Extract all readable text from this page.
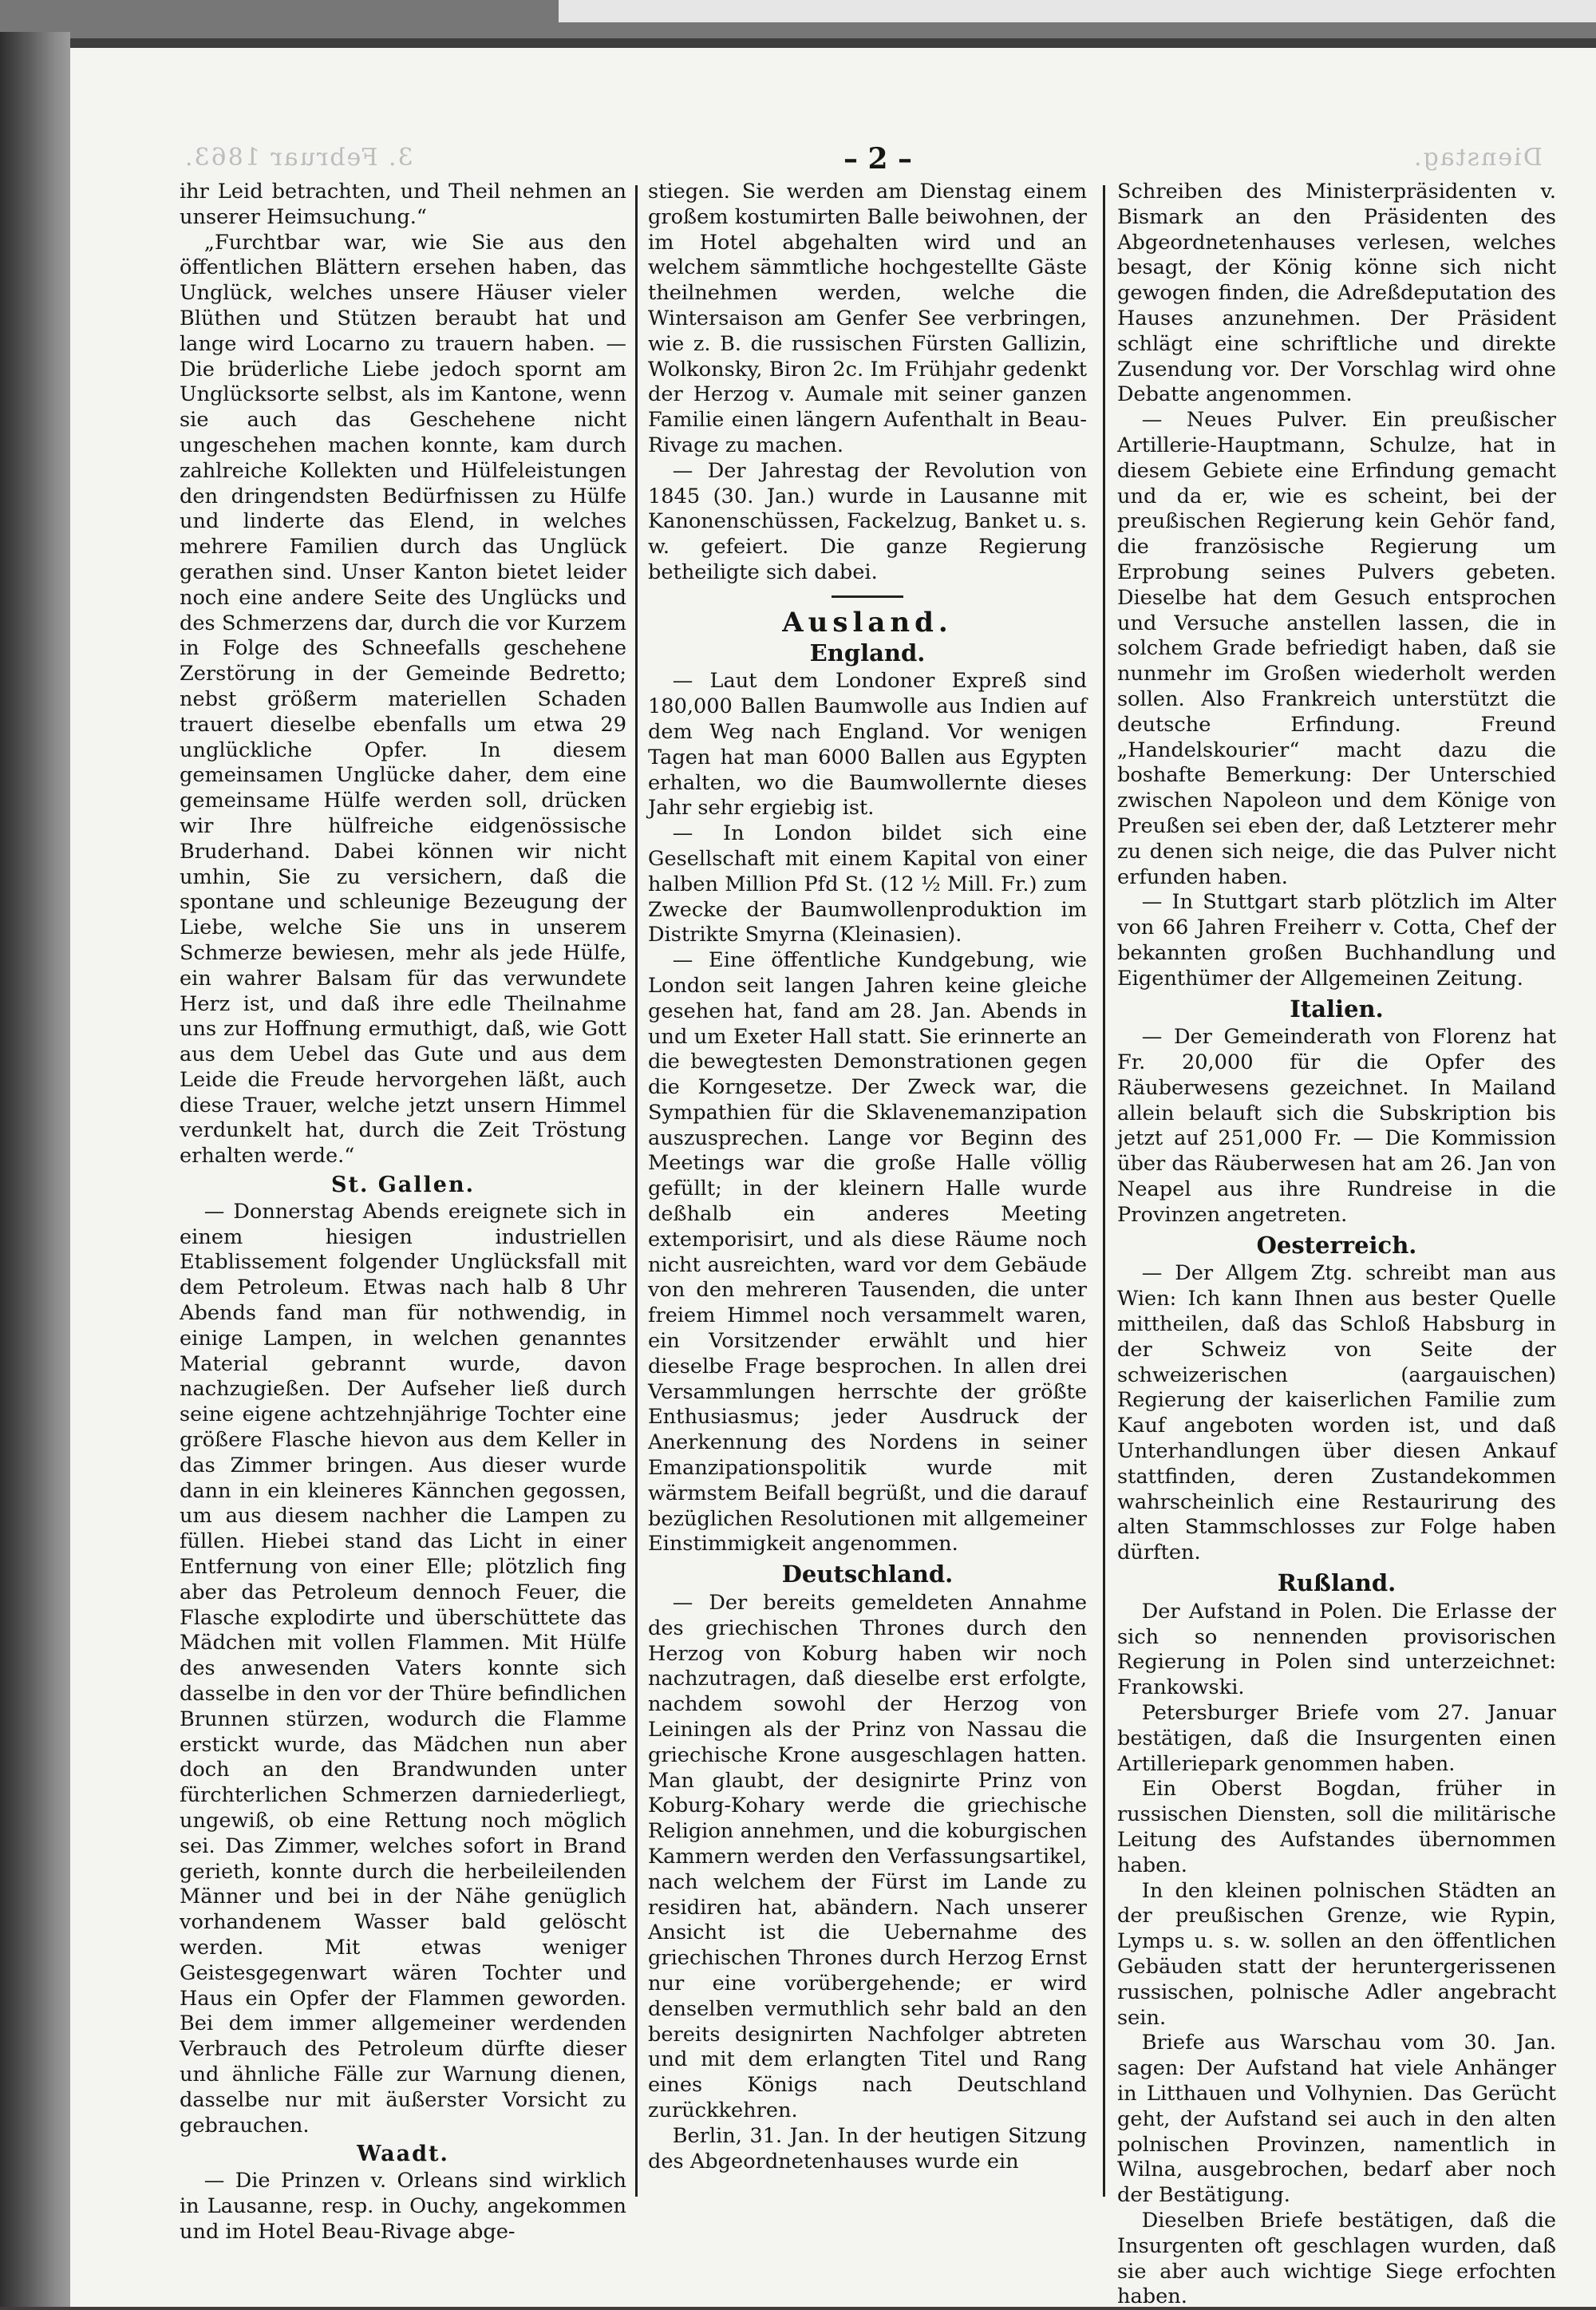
3. Februar 1863.	Dienstag.
– 2 –

ihr Leid betrachten, und Theil nehmen an unserer Heimsuchung.“

„Furchtbar war, wie Sie aus den öffentlichen Blättern ersehen haben, das Unglück, welches unsere Häuser vieler Blüthen und Stützen beraubt hat und lange wird Locarno zu trauern haben. — Die brüderliche Liebe jedoch spornt am Unglücksorte selbst, als im Kantone, wenn sie auch das Geschehene nicht ungeschehen machen konnte, kam durch zahlreiche Kollekten und Hülfeleistungen den dringendsten Bedürfnissen zu Hülfe und linderte das Elend, in welches mehrere Familien durch das Unglück gerathen sind. Unser Kanton bietet leider noch eine andere Seite des Unglücks und des Schmerzens dar, durch die vor Kurzem in Folge des Schneefalls geschehene Zerstörung in der Gemeinde Bedretto; nebst größerm materiellen Schaden trauert dieselbe ebenfalls um etwa 29 unglückliche Opfer. In diesem gemeinsamen Unglücke daher, dem eine gemeinsame Hülfe werden soll, drücken wir Ihre hülfreiche eidgenössische Bruderhand. Dabei können wir nicht umhin, Sie zu versichern, daß die spontane und schleunige Bezeugung der Liebe, welche Sie uns in unserem Schmerze bewiesen, mehr als jede Hülfe, ein wahrer Balsam für das verwundete Herz ist, und daß ihre edle Theilnahme uns zur Hoffnung ermuthigt, daß, wie Gott aus dem Uebel das Gute und aus dem Leide die Freude hervorgehen läßt, auch diese Trauer, welche jetzt unsern Himmel verdunkelt hat, durch die Zeit Tröstung erhalten werde.“

St. Gallen.

— Donnerstag Abends ereignete sich in einem hiesigen industriellen Etablissement folgender Unglücksfall mit dem Petroleum. Etwas nach halb 8 Uhr Abends fand man für nothwendig, in einige Lampen, in welchen genanntes Material gebrannt wurde, davon nachzugießen. Der Aufseher ließ durch seine eigene achtzehnjährige Tochter eine größere Flasche hievon aus dem Keller in das Zimmer bringen. Aus dieser wurde dann in ein kleineres Kännchen gegossen, um aus diesem nachher die Lampen zu füllen. Hiebei stand das Licht in einer Entfernung von einer Elle; plötzlich fing aber das Petroleum dennoch Feuer, die Flasche explodirte und überschüttete das Mädchen mit vollen Flammen. Mit Hülfe des anwesenden Vaters konnte sich dasselbe in den vor der Thüre befindlichen Brunnen stürzen, wodurch die Flamme erstickt wurde, das Mädchen nun aber doch an den Brandwunden unter fürchterlichen Schmerzen darniederliegt, ungewiß, ob eine Rettung noch möglich sei. Das Zimmer, welches sofort in Brand gerieth, konnte durch die herbeileilenden Männer und bei in der Nähe genüglich vorhandenem Wasser bald gelöscht werden. Mit etwas weniger Geistesgegenwart wären Tochter und Haus ein Opfer der Flammen geworden. Bei dem immer allgemeiner werdenden Verbrauch des Petroleum dürfte dieser und ähnliche Fälle zur Warnung dienen, dasselbe nur mit äußerster Vorsicht zu gebrauchen.

Waadt.

— Die Prinzen v. Orleans sind wirklich in Lausanne, resp. in Ouchy, angekommen und im Hotel Beau-Rivage abge-

stiegen. Sie werden am Dienstag einem großem kostumirten Balle beiwohnen, der im Hotel abgehalten wird und an welchem sämmtliche hochgestellte Gäste theilnehmen werden, welche die Wintersaison am Genfer See verbringen, wie z. B. die russischen Fürsten Gallizin, Wolkonsky, Biron 2c. Im Frühjahr gedenkt der Herzog v. Aumale mit seiner ganzen Familie einen längern Aufenthalt in Beau-Rivage zu machen.

— Der Jahrestag der Revolution von 1845 (30. Jan.) wurde in Lausanne mit Kanonenschüssen, Fackelzug, Banket u. s. w. gefeiert. Die ganze Regierung betheiligte sich dabei.

Ausland.
England.

— Laut dem Londoner Expreß sind 180,000 Ballen Baumwolle aus Indien auf dem Weg nach England. Vor wenigen Tagen hat man 6000 Ballen aus Egypten erhalten, wo die Baumwollernte dieses Jahr sehr ergiebig ist.

— In London bildet sich eine Gesellschaft mit einem Kapital von einer halben Million Pfd St. (12 ½ Mill. Fr.) zum Zwecke der Baumwollenproduktion im Distrikte Smyrna (Kleinasien).

— Eine öffentliche Kundgebung, wie London seit langen Jahren keine gleiche gesehen hat, fand am 28. Jan. Abends in und um Exeter Hall statt. Sie erinnerte an die bewegtesten Demonstrationen gegen die Korngesetze. Der Zweck war, die Sympathien für die Sklavenemanzipation auszusprechen. Lange vor Beginn des Meetings war die große Halle völlig gefüllt; in der kleinern Halle wurde deßhalb ein anderes Meeting extemporisirt, und als diese Räume noch nicht ausreichten, ward vor dem Gebäude von den mehreren Tausenden, die unter freiem Himmel noch versammelt waren, ein Vorsitzender erwählt und hier dieselbe Frage besprochen. In allen drei Versammlungen herrschte der größte Enthusiasmus; jeder Ausdruck der Anerkennung des Nordens in seiner Emanzipationspolitik wurde mit wärmstem Beifall begrüßt, und die darauf bezüglichen Resolutionen mit allgemeiner Einstimmigkeit angenommen.

Deutschland.

— Der bereits gemeldeten Annahme des griechischen Thrones durch den Herzog von Koburg haben wir noch nachzutragen, daß dieselbe erst erfolgte, nachdem sowohl der Herzog von Leiningen als der Prinz von Nassau die griechische Krone ausgeschlagen hatten. Man glaubt, der designirte Prinz von Koburg-Kohary werde die griechische Religion annehmen, und die koburgischen Kammern werden den Verfassungsartikel, nach welchem der Fürst im Lande zu residiren hat, abändern. Nach unserer Ansicht ist die Uebernahme des griechischen Thrones durch Herzog Ernst nur eine vorübergehende; er wird denselben vermuthlich sehr bald an den bereits designirten Nachfolger abtreten und mit dem erlangten Titel und Rang eines Königs nach Deutschland zurückkehren.

Berlin, 31. Jan. In der heutigen Sitzung des Abgeordnetenhauses wurde ein

Schreiben des Ministerpräsidenten v. Bismark an den Präsidenten des Abgeordnetenhauses verlesen, welches besagt, der König könne sich nicht gewogen finden, die Adreßdeputation des Hauses anzunehmen. Der Präsident schlägt eine schriftliche und direkte Zusendung vor. Der Vorschlag wird ohne Debatte angenommen.

— Neues Pulver. Ein preußischer Artillerie-Hauptmann, Schulze, hat in diesem Gebiete eine Erfindung gemacht und da er, wie es scheint, bei der preußischen Regierung kein Gehör fand, die französische Regierung um Erprobung seines Pulvers gebeten. Dieselbe hat dem Gesuch entsprochen und Versuche anstellen lassen, die in solchem Grade befriedigt haben, daß sie nunmehr im Großen wiederholt werden sollen. Also Frankreich unterstützt die deutsche Erfindung. Freund „Handelskourier“ macht dazu die boshafte Bemerkung: Der Unterschied zwischen Napoleon und dem Könige von Preußen sei eben der, daß Letzterer mehr zu denen sich neige, die das Pulver nicht erfunden haben.

— In Stuttgart starb plötzlich im Alter von 66 Jahren Freiherr v. Cotta, Chef der bekannten großen Buchhandlung und Eigenthümer der Allgemeinen Zeitung.

Italien.

— Der Gemeinderath von Florenz hat Fr. 20,000 für die Opfer des Räuberwesens gezeichnet. In Mailand allein belauft sich die Subskription bis jetzt auf 251,000 Fr. — Die Kommission über das Räuberwesen hat am 26. Jan von Neapel aus ihre Rundreise in die Provinzen angetreten.

Oesterreich.

— Der Allgem Ztg. schreibt man aus Wien: Ich kann Ihnen aus bester Quelle mittheilen, daß das Schloß Habsburg in der Schweiz von Seite der schweizerischen (aargauischen) Regierung der kaiserlichen Familie zum Kauf angeboten worden ist, und daß Unterhandlungen über diesen Ankauf stattfinden, deren Zustandekommen wahrscheinlich eine Restaurirung des alten Stammschlosses zur Folge haben dürften.

Rußland.

Der Aufstand in Polen. Die Erlasse der sich so nennenden provisorischen Regierung in Polen sind unterzeichnet: Frankowski.

Petersburger Briefe vom 27. Januar bestätigen, daß die Insurgenten einen Artilleriepark genommen haben.

Ein Oberst Bogdan, früher in russischen Diensten, soll die militärische Leitung des Aufstandes übernommen haben.

In den kleinen polnischen Städten an der preußischen Grenze, wie Rypin, Lymps u. s. w. sollen an den öffentlichen Gebäuden statt der heruntergerissenen russischen, polnische Adler angebracht sein.

Briefe aus Warschau vom 30. Jan. sagen: Der Aufstand hat viele Anhänger in Litthauen und Volhynien. Das Gerücht geht, der Aufstand sei auch in den alten polnischen Provinzen, namentlich in Wilna, ausgebrochen, bedarf aber noch der Bestätigung.

Dieselben Briefe bestätigen, daß die Insurgenten oft geschlagen wurden, daß sie aber auch wichtige Siege erfochten haben.
